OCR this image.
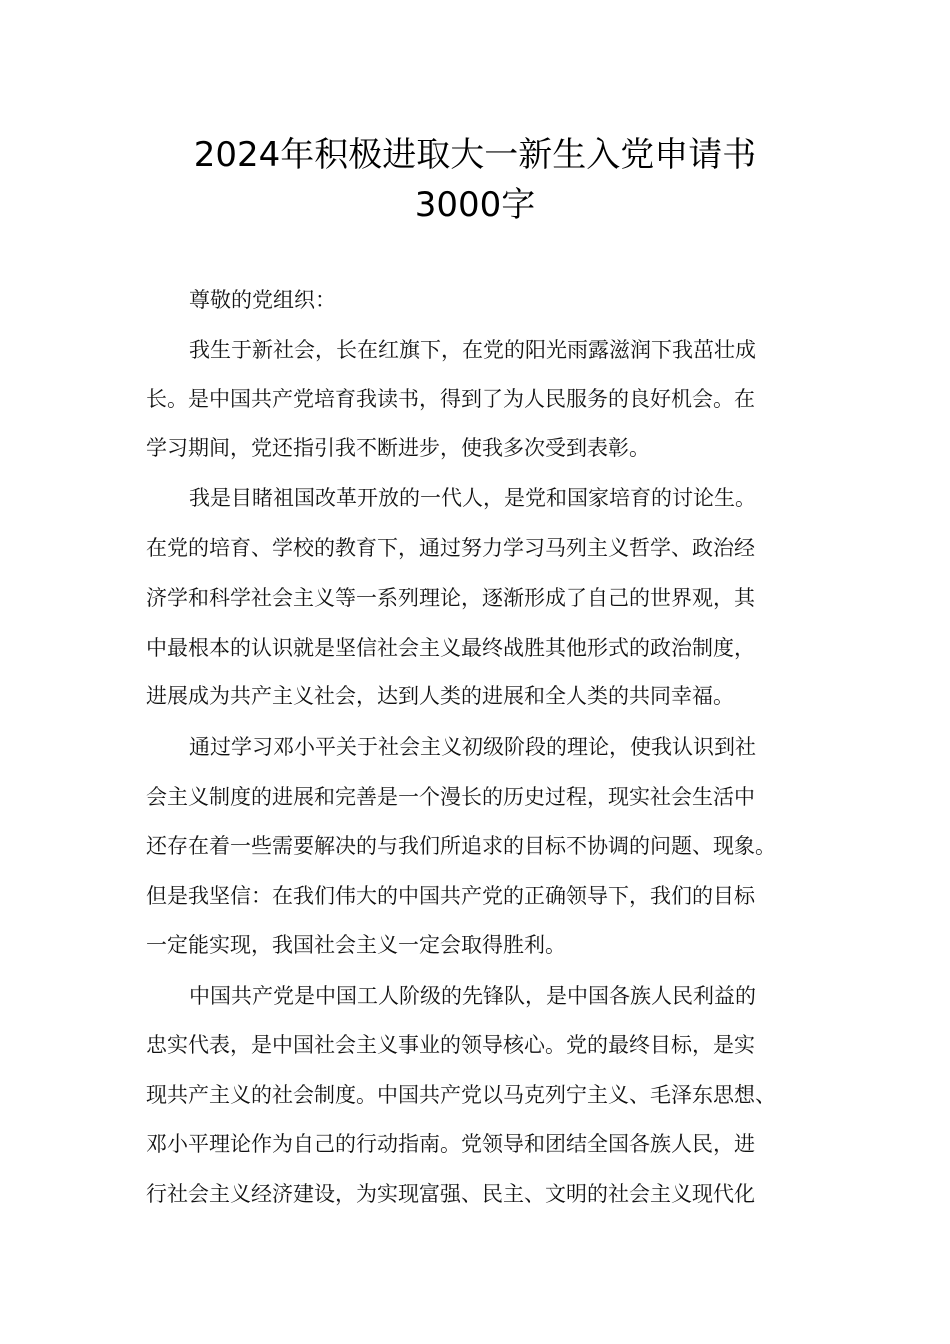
2024年积极进取大一新生入党申请书
3000字
尊敬的党组织：
我生于新社会，长在红旗下，在党的阳光雨露滋润下我茁壮成
长。是中国共产党培育我读书，得到了为人民服务的良好机会。在
学习期间，党还指引我不断进步，使我多次受到表彰。
我是目睹祖国改革开放的一代人，是党和国家培育的讨论生。
在党的培育、学校的教育下，通过努力学习马列主义哲学、政治经
济学和科学社会主义等一系列理论，逐渐形成了自己的世界观，其
中最根本的认识就是坚信社会主义最终战胜其他形式的政治制度，
进展成为共产主义社会，达到人类的进展和全人类的共同幸福。
通过学习邓小平关于社会主义初级阶段的理论，使我认识到社
会主义制度的进展和完善是一个漫长的历史过程，现实社会生活中
还存在着一些需要解决的与我们所追求的目标不协调的问题、现象。
但是我坚信：在我们伟大的中国共产党的正确领导下，我们的目标
一定能实现，我国社会主义一定会取得胜利。
中国共产党是中国工人阶级的先锋队，是中国各族人民利益的
忠实代表，是中国社会主义事业的领导核心。党的最终目标，是实
现共产主义的社会制度。中国共产党以马克列宁主义、毛泽东思想、
邓小平理论作为自己的行动指南。党领导和团结全国各族人民，进
行社会主义经济建设，为实现富强、民主、文明的社会主义现代化
